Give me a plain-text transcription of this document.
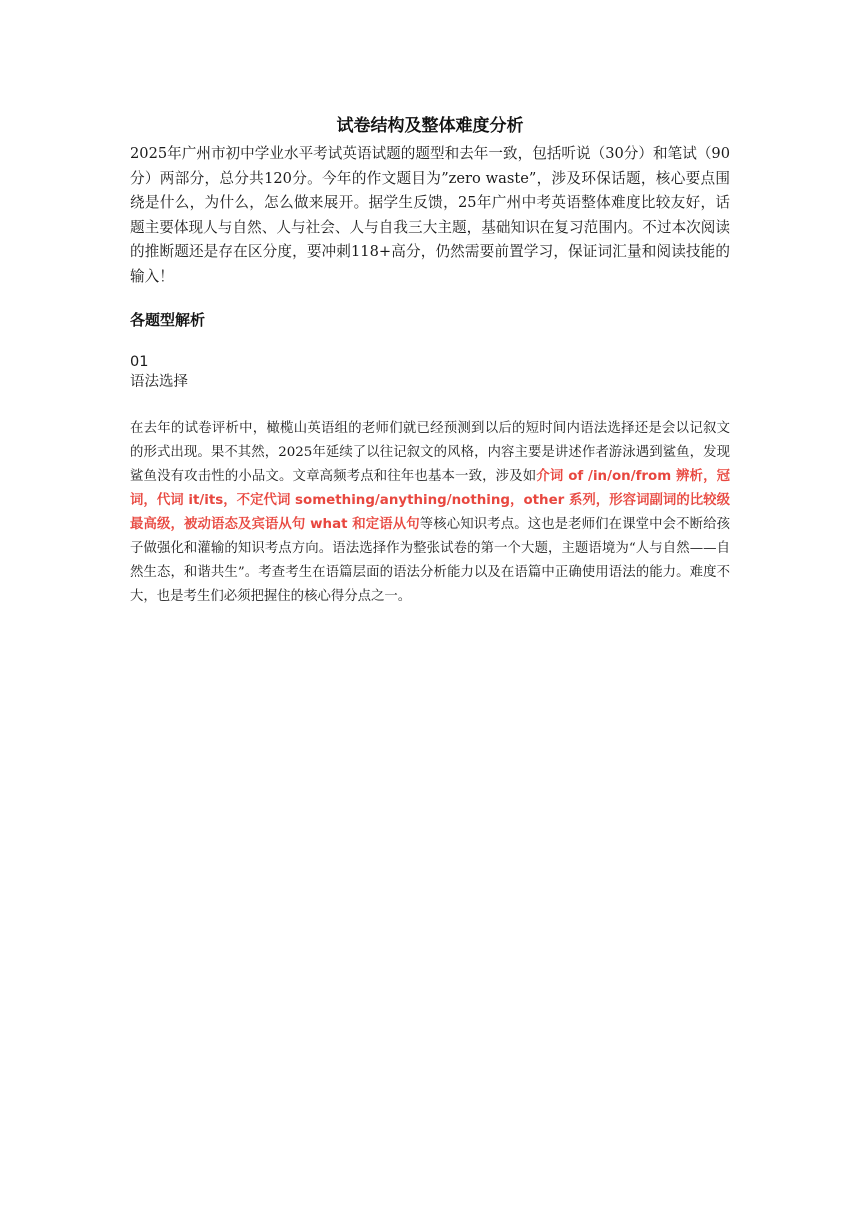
试卷结构及整体难度分析

2025年广州市初中学业水平考试英语试题的题型和去年一致，包括听说（30分）和笔试（90分）两部分，总分共120分。今年的作文题目为”zero waste”，涉及环保话题，核心要点围绕是什么，为什么，怎么做来展开。据学生反馈，25年广州中考英语整体难度比较友好，话题主要体现人与自然、人与社会、人与自我三大主题，基础知识在复习范围内。不过本次阅读的推断题还是存在区分度，要冲刺118+高分，仍然需要前置学习，保证词汇量和阅读技能的输入！

各题型解析
01
语法选择

在去年的试卷评析中，橄榄山英语组的老师们就已经预测到以后的短时间内语法选择还是会以记叙文的形式出现。果不其然，2025年延续了以往记叙文的风格，内容主要是讲述作者游泳遇到鲨鱼，发现鲨鱼没有攻击性的小品文。文章高频考点和往年也基本一致，涉及如介词 of /in/on/from 辨析，冠词，代词 it/its，不定代词 something/anything/nothing，other 系列，形容词副词的比较级最高级，被动语态及宾语从句 what 和定语从句等核心知识考点。这也是老师们在课堂中会不断给孩子做强化和灌输的知识考点方向。语法选择作为整张试卷的第一个大题，主题语境为“人与自然——自然生态，和谐共生”。考查考生在语篇层面的语法分析能力以及在语篇中正确使用语法的能力。难度不大，也是考生们必须把握住的核心得分点之一。
